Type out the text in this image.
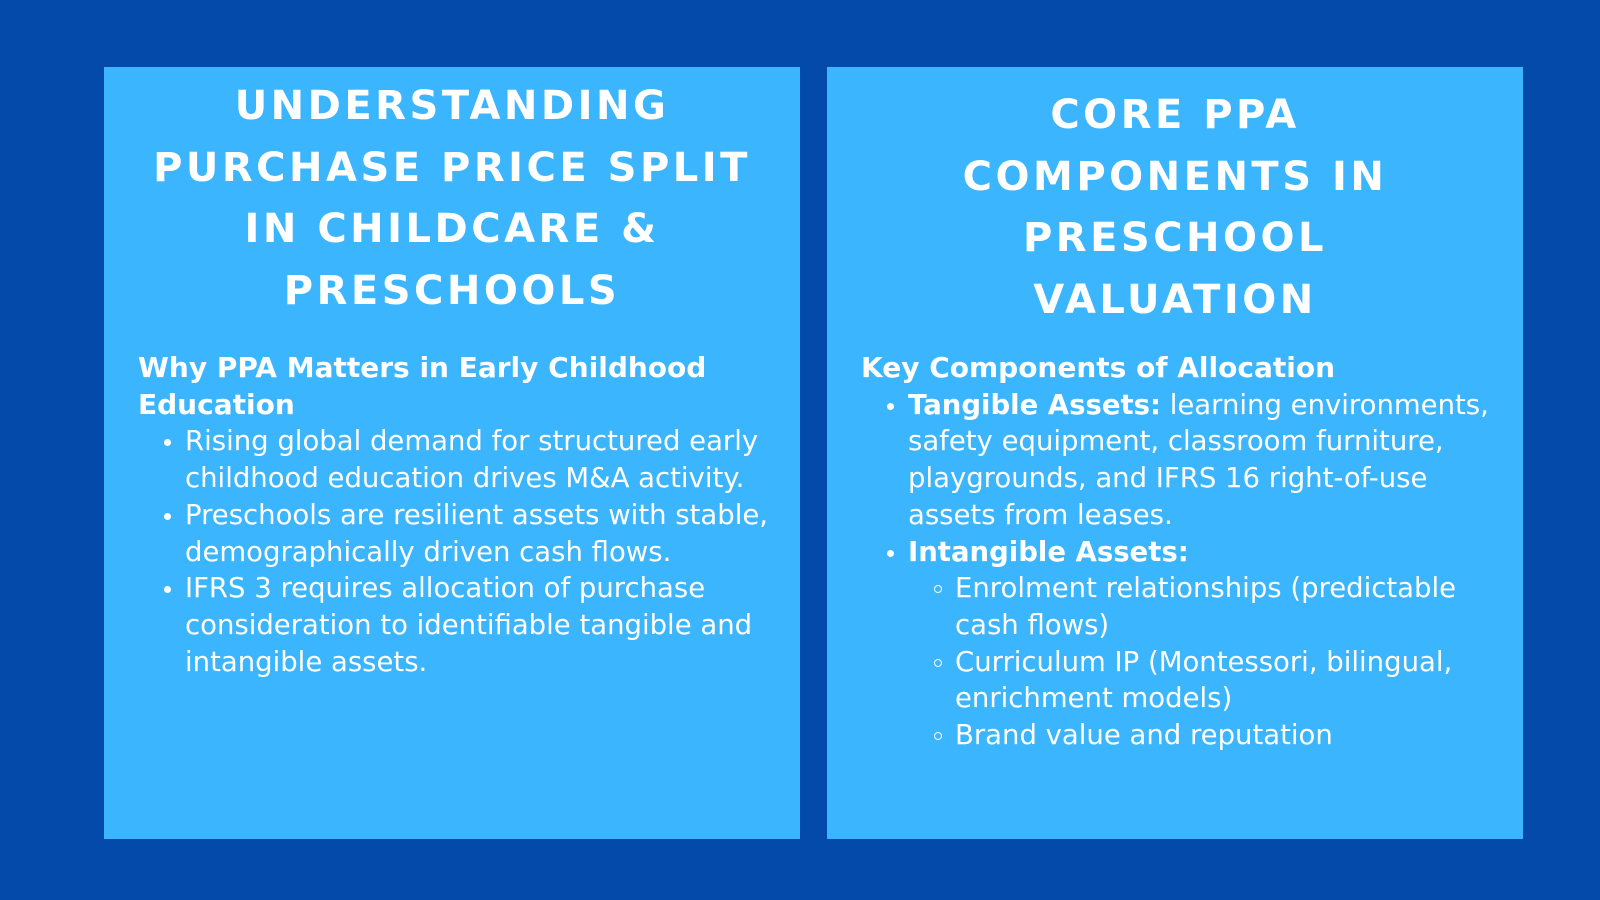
UNDERSTANDING PURCHASE PRICE SPLIT IN CHILDCARE & PRESCHOOLS
Why PPA Matters in Early Childhood Education
Rising global demand for structured early childhood education drives M&A activity.
Preschools are resilient assets with stable, demographically driven cash flows.
IFRS 3 requires allocation of purchase consideration to identifiable tangible and intangible assets.
CORE PPA COMPONENTS IN PRESCHOOL VALUATION
Key Components of Allocation
Tangible Assets: learning environments, safety equipment, classroom furniture, playgrounds, and IFRS 16 right-of-use assets from leases.
Intangible Assets:
Enrolment relationships (predictable cash flows)
Curriculum IP (Montessori, bilingual, enrichment models)
Brand value and reputation
